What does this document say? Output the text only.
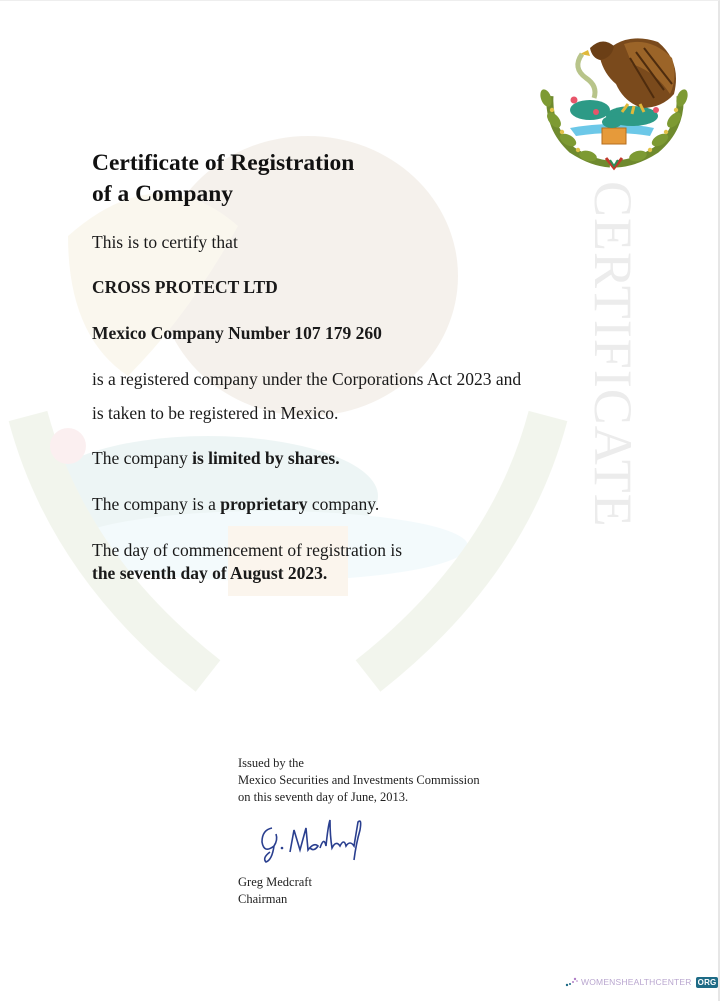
CERTIFICATE
Certificate of Registration
of a Company
This is to certify that
CROSS PROTECT LTD
Mexico Company Number 107 179 260
is a registered company under the Corporations Act 2023 and
is taken to be registered in Mexico.
The company is limited by shares.
The company is a proprietary company.
The day of commencement of registration is
the seventh day of August 2023.
Issued by the
Mexico Securities and Investments Commission
on this seventh day of June, 2013.
Greg Medcraft
Chairman
WOMENSHEALTHCENTER ORG
